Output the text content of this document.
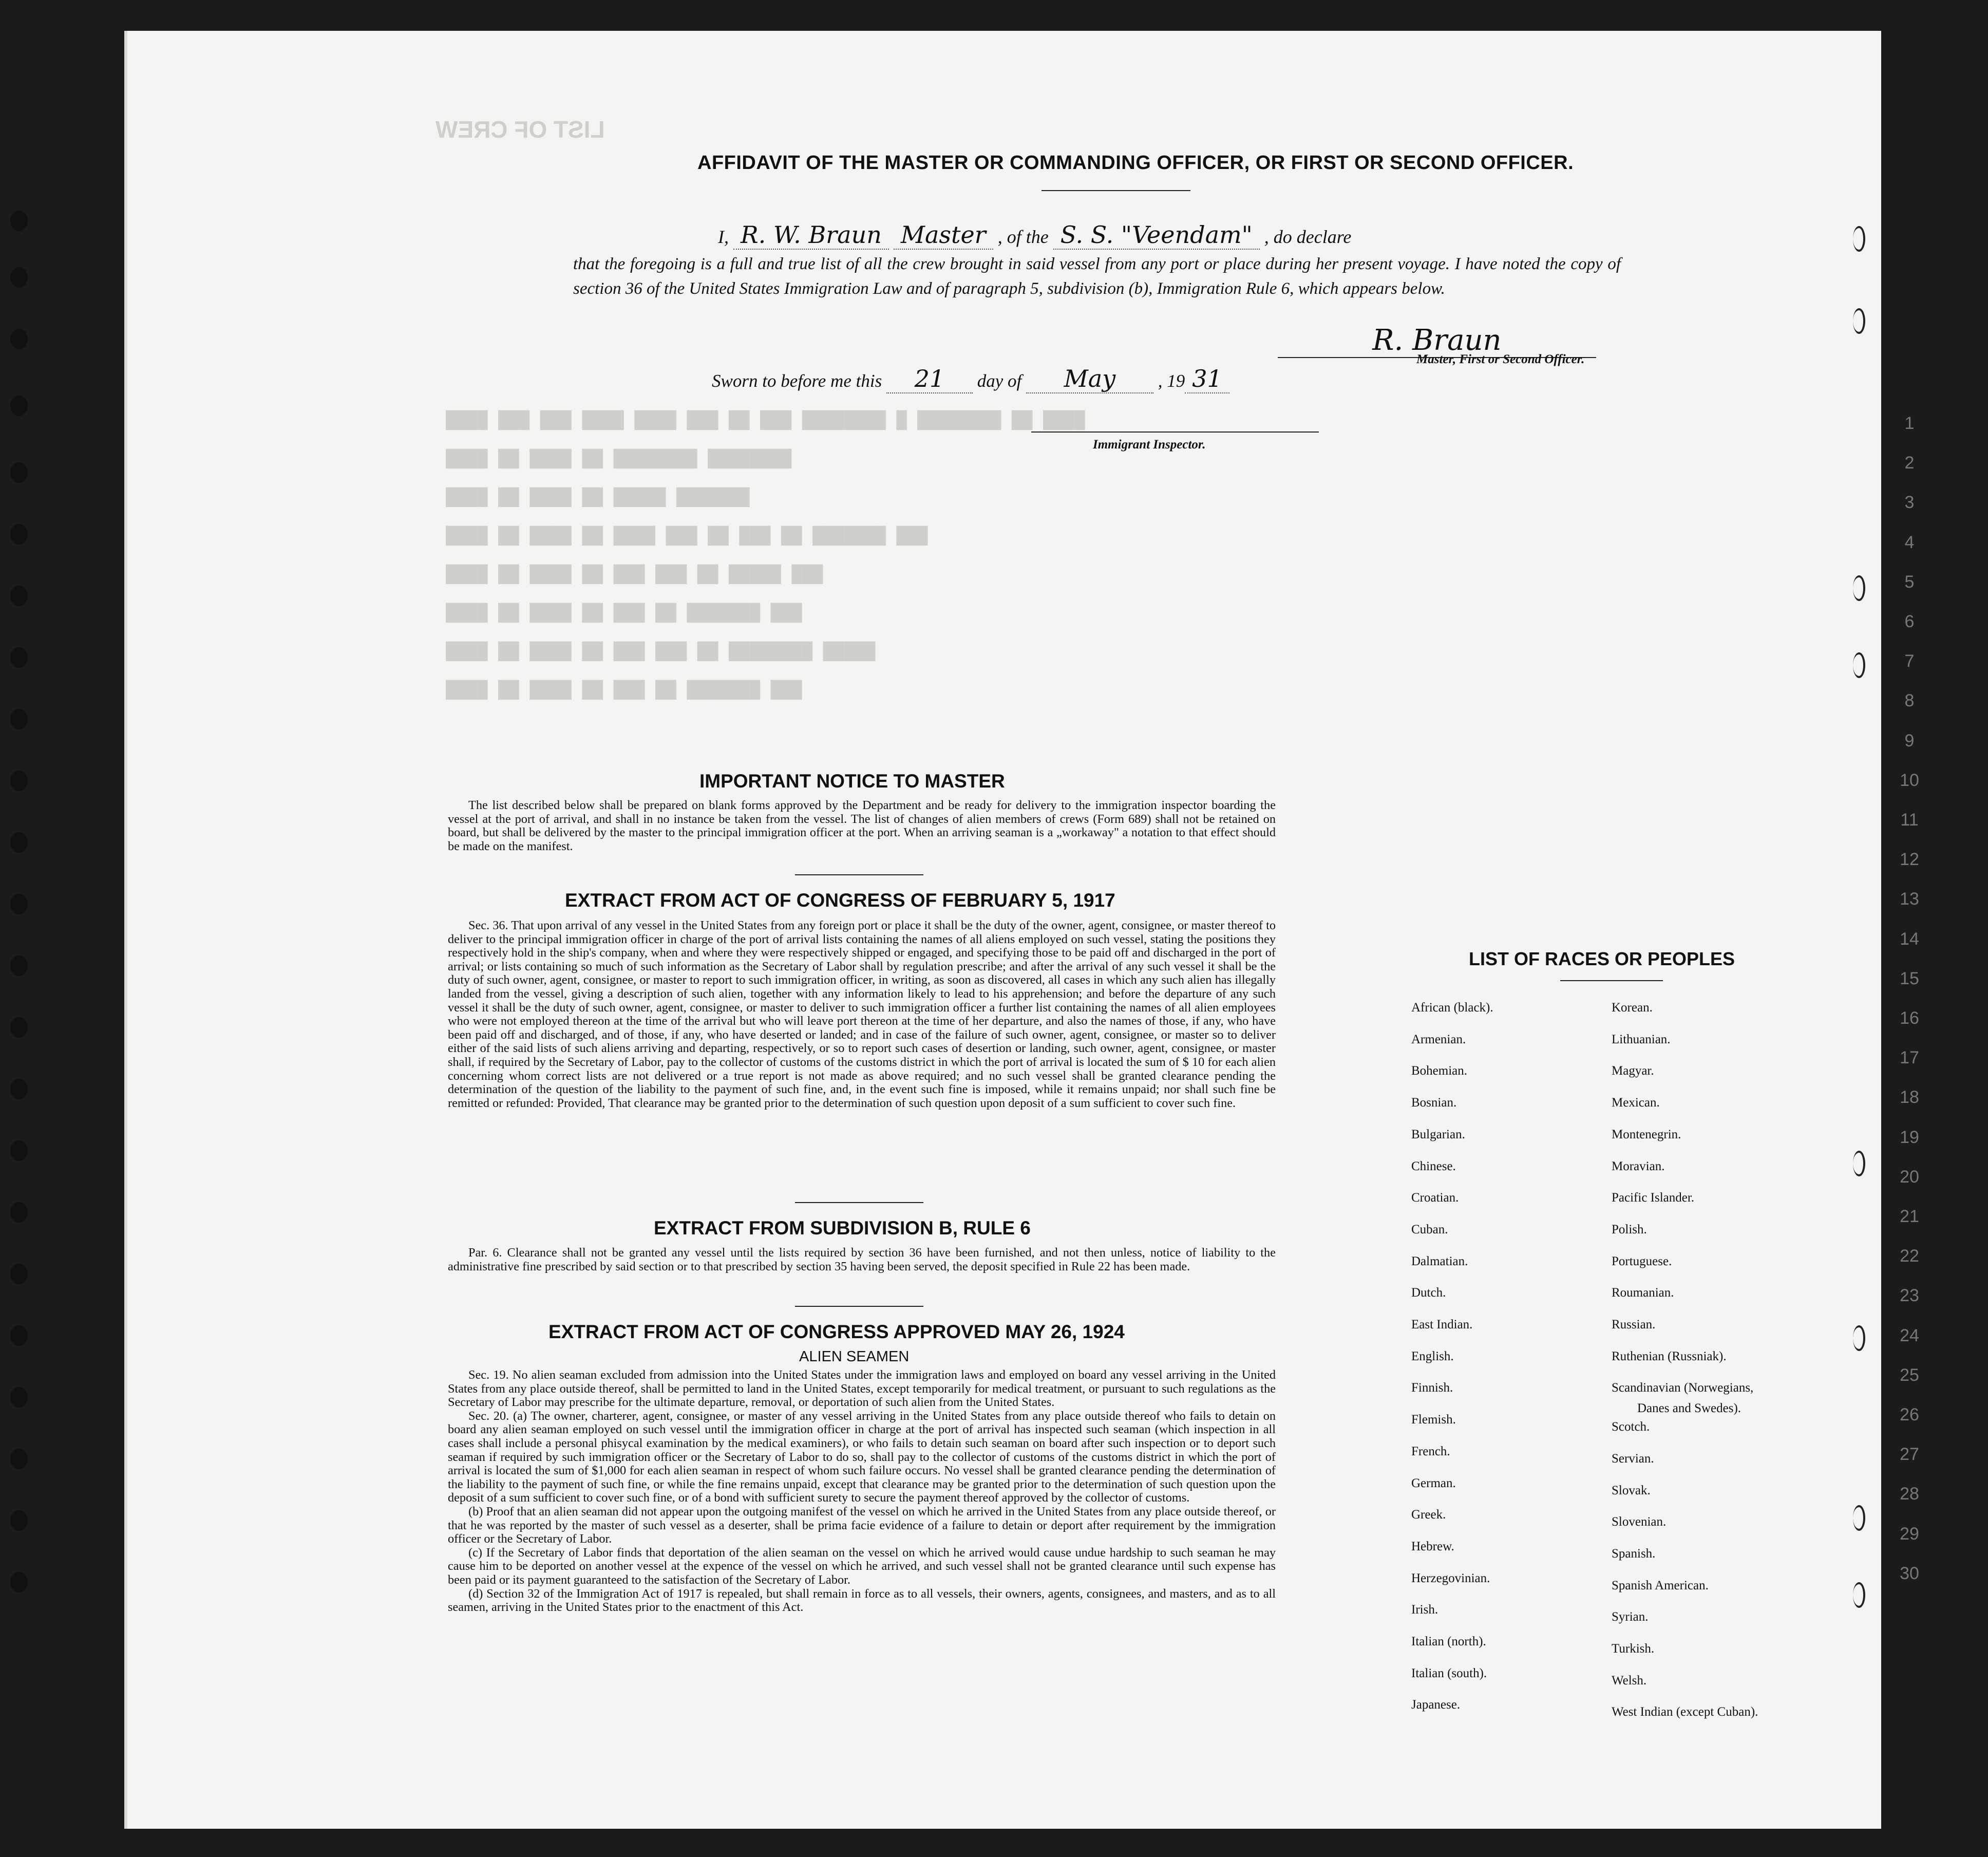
LIST OF CREW
████ ███ ███ ████ ████ ███ ██ ███ ████████ █ ████████ ██ ████
████ ██ ████ ██ ████████ ████████
████ ██ ████ ██ █████ ███████
████ ██ ████ ██ ████ ███ ██ ███ ██ ███████ ███
████ ██ ████ ██ ███ ███ ██ █████ ███
████ ██ ████ ██ ███ ██ ███████ ███
████ ██ ████ ██ ███ ███ ██ ████████ █████
████ ██ ████ ██ ███ ██ ███████ ███
1
2
3
4
5
6
7
8
9
10
11
12
13
14
15
16
17
18
19
20
21
22
23
24
25
26
27
28
29
30
AFFIDAVIT OF THE MASTER OR COMMANDING OFFICER, OR FIRST OR SECOND OFFICER.
I, R. W. Braun Master , of the S. S. "Veendam" , do declare
that the foregoing is a full and true list of all the crew brought in said vessel from any port or place during her present voyage. I have noted the copy of section 36 of the United States Immigration Law and of paragraph 5, subdivision (b), Immigration Rule 6, which appears below.
R. Braun
Master, First or Second Officer.
Sworn to before me this 21 day of May , 19 31
Immigrant Inspector.
IMPORTANT NOTICE TO MASTER

The list described below shall be prepared on blank forms approved by the Department and be ready for delivery to the immigration inspector boarding the vessel at the port of arrival, and shall in no instance be taken from the vessel. The list of changes of alien members of crews (Form 689) shall not be retained on board, but shall be delivered by the master to the principal immigration officer at the port. When an arriving seaman is a „workaway" a notation to that effect should be made on the manifest.

EXTRACT FROM ACT OF CONGRESS OF FEBRUARY 5, 1917

Sec. 36. That upon arrival of any vessel in the United States from any foreign port or place it shall be the duty of the owner, agent, consignee, or master thereof to deliver to the principal immigration officer in charge of the port of arrival lists containing the names of all aliens employed on such vessel, stating the positions they respectively hold in the ship's company, when and where they were respectively shipped or engaged, and specifying those to be paid off and discharged in the port of arrival; or lists containing so much of such information as the Secretary of Labor shall by regulation prescribe; and after the arrival of any such vessel it shall be the duty of such owner, agent, consignee, or master to report to such immigration officer, in writing, as soon as discovered, all cases in which any such alien has illegally landed from the vessel, giving a description of such alien, together with any information likely to lead to his apprehension; and before the departure of any such vessel it shall be the duty of such owner, agent, consignee, or master to deliver to such immigration officer a further list containing the names of all alien employees who were not employed thereon at the time of the arrival but who will leave port thereon at the time of her departure, and also the names of those, if any, who have been paid off and discharged, and of those, if any, who have deserted or landed; and in case of the failure of such owner, agent, consignee, or master so to deliver either of the said lists of such aliens arriving and departing, respectively, or so to report such cases of desertion or landing, such owner, agent, consignee, or master shall, if required by the Secretary of Labor, pay to the collector of customs of the customs district in which the port of arrival is located the sum of $ 10 for each alien concerning whom correct lists are not delivered or a true report is not made as above required; and no such vessel shall be granted clearance pending the determination of the question of the liability to the payment of such fine, and, in the event such fine is imposed, while it remains unpaid; nor shall such fine be remitted or refunded: Provided, That clearance may be granted prior to the determination of such question upon deposit of a sum sufficient to cover such fine.

EXTRACT FROM SUBDIVISION B, RULE 6

Par. 6. Clearance shall not be granted any vessel until the lists required by section 36 have been furnished, and not then unless, notice of liability to the administrative fine prescribed by said section or to that prescribed by section 35 having been served, the deposit specified in Rule 22 has been made.

EXTRACT FROM ACT OF CONGRESS APPROVED MAY 26, 1924
ALIEN SEAMEN

Sec. 19. No alien seaman excluded from admission into the United States under the immigration laws and employed on board any vessel arriving in the United States from any place outside thereof, shall be permitted to land in the United States, except temporarily for medical treatment, or pursuant to such regulations as the Secretary of Labor may prescribe for the ultimate departure, removal, or deportation of such alien from the United States.

Sec. 20. (a) The owner, charterer, agent, consignee, or master of any vessel arriving in the United States from any place outside thereof who fails to detain on board any alien seaman employed on such vessel until the immigration officer in charge at the port of arrival has inspected such seaman (which inspection in all cases shall include a personal phisycal examination by the medical examiners), or who fails to detain such seaman on board after such inspection or to deport such seaman if required by such immigration officer or the Secretary of Labor to do so, shall pay to the collector of customs of the customs district in which the port of arrival is located the sum of $1,000 for each alien seaman in respect of whom such failure occurs. No vessel shall be granted clearance pending the determination of the liability to the payment of such fine, or while the fine remains unpaid, except that clearance may be granted prior to the determination of such question upon the deposit of a sum sufficient to cover such fine, or of a bond with sufficient surety to secure the payment thereof approved by the collector of customs.

(b) Proof that an alien seaman did not appear upon the outgoing manifest of the vessel on which he arrived in the United States from any place outside thereof, or that he was reported by the master of such vessel as a deserter, shall be prima facie evidence of a failure to detain or deport after requirement by the immigration officer or the Secretary of Labor.

(c) If the Secretary of Labor finds that deportation of the alien seaman on the vessel on which he arrived would cause undue hardship to such seaman he may cause him to be deported on another vessel at the expence of the vessel on which he arrived, and such vessel shall not be granted clearance until such expense has been paid or its payment guaranteed to the satisfaction of the Secretary of Labor.

(d) Section 32 of the Immigration Act of 1917 is repealed, but shall remain in force as to all vessels, their owners, agents, consignees, and masters, and as to all seamen, arriving in the United States prior to the enactment of this Act.

LIST OF RACES OR PEOPLES
African (black).
Armenian.
Bohemian.
Bosnian.
Bulgarian.
Chinese.
Croatian.
Cuban.
Dalmatian.
Dutch.
East Indian.
English.
Finnish.
Flemish.
French.
German.
Greek.
Hebrew.
Herzegovinian.
Irish.
Italian (north).
Italian (south).
Japanese.
Korean.
Lithuanian.
Magyar.
Mexican.
Montenegrin.
Moravian.
Pacific Islander.
Polish.
Portuguese.
Roumanian.
Russian.
Ruthenian (Russniak).
Scandinavian (Norwegians,
Danes and Swedes).
Scotch.
Servian.
Slovak.
Slovenian.
Spanish.
Spanish American.
Syrian.
Turkish.
Welsh.
West Indian (except Cuban).
